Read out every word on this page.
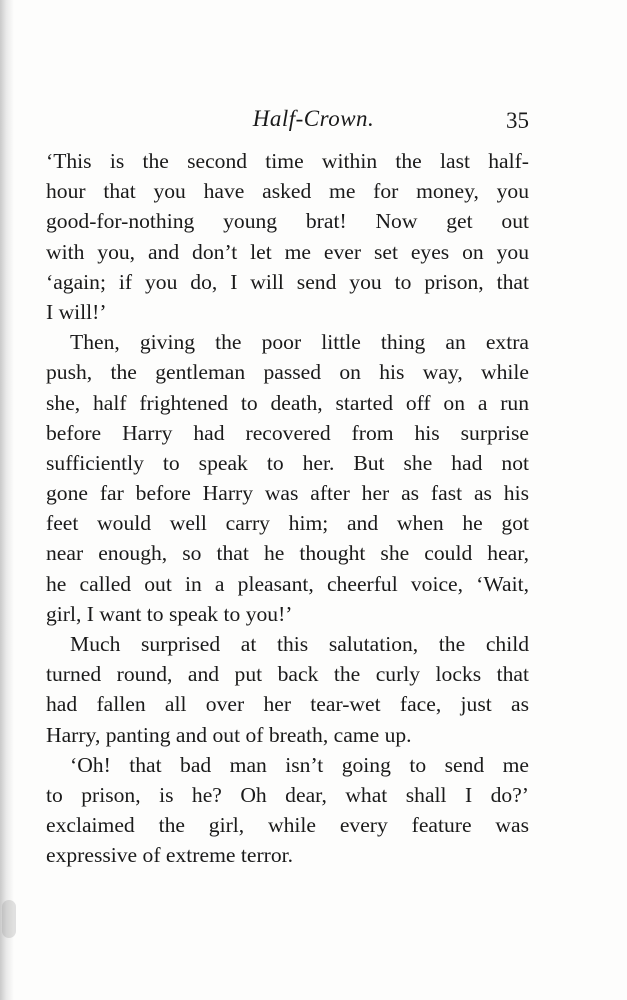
Half-Crown.	35
‘This is the second time within the last half-
hour that you have asked me for money, you
good-for-nothing young brat! Now get out
with you, and don’t let me ever set eyes on you
‘again; if you do, I will send you to prison, that
I will!’
Then, giving the poor little thing an extra
push, the gentleman passed on his way, while
she, half frightened to death, started off on a run
before Harry had recovered from his surprise
sufficiently to speak to her. But she had not
gone far before Harry was after her as fast as his
feet would well carry him; and when he got
near enough, so that he thought she could hear,
he called out in a pleasant, cheerful voice, ‘Wait,
girl, I want to speak to you!’
Much surprised at this salutation, the child
turned round, and put back the curly locks that
had fallen all over her tear-wet face, just as
Harry, panting and out of breath, came up.
‘Oh! that bad man isn’t going to send me
to prison, is he? Oh dear, what shall I do?’
exclaimed the girl, while every feature was
expressive of extreme terror.
